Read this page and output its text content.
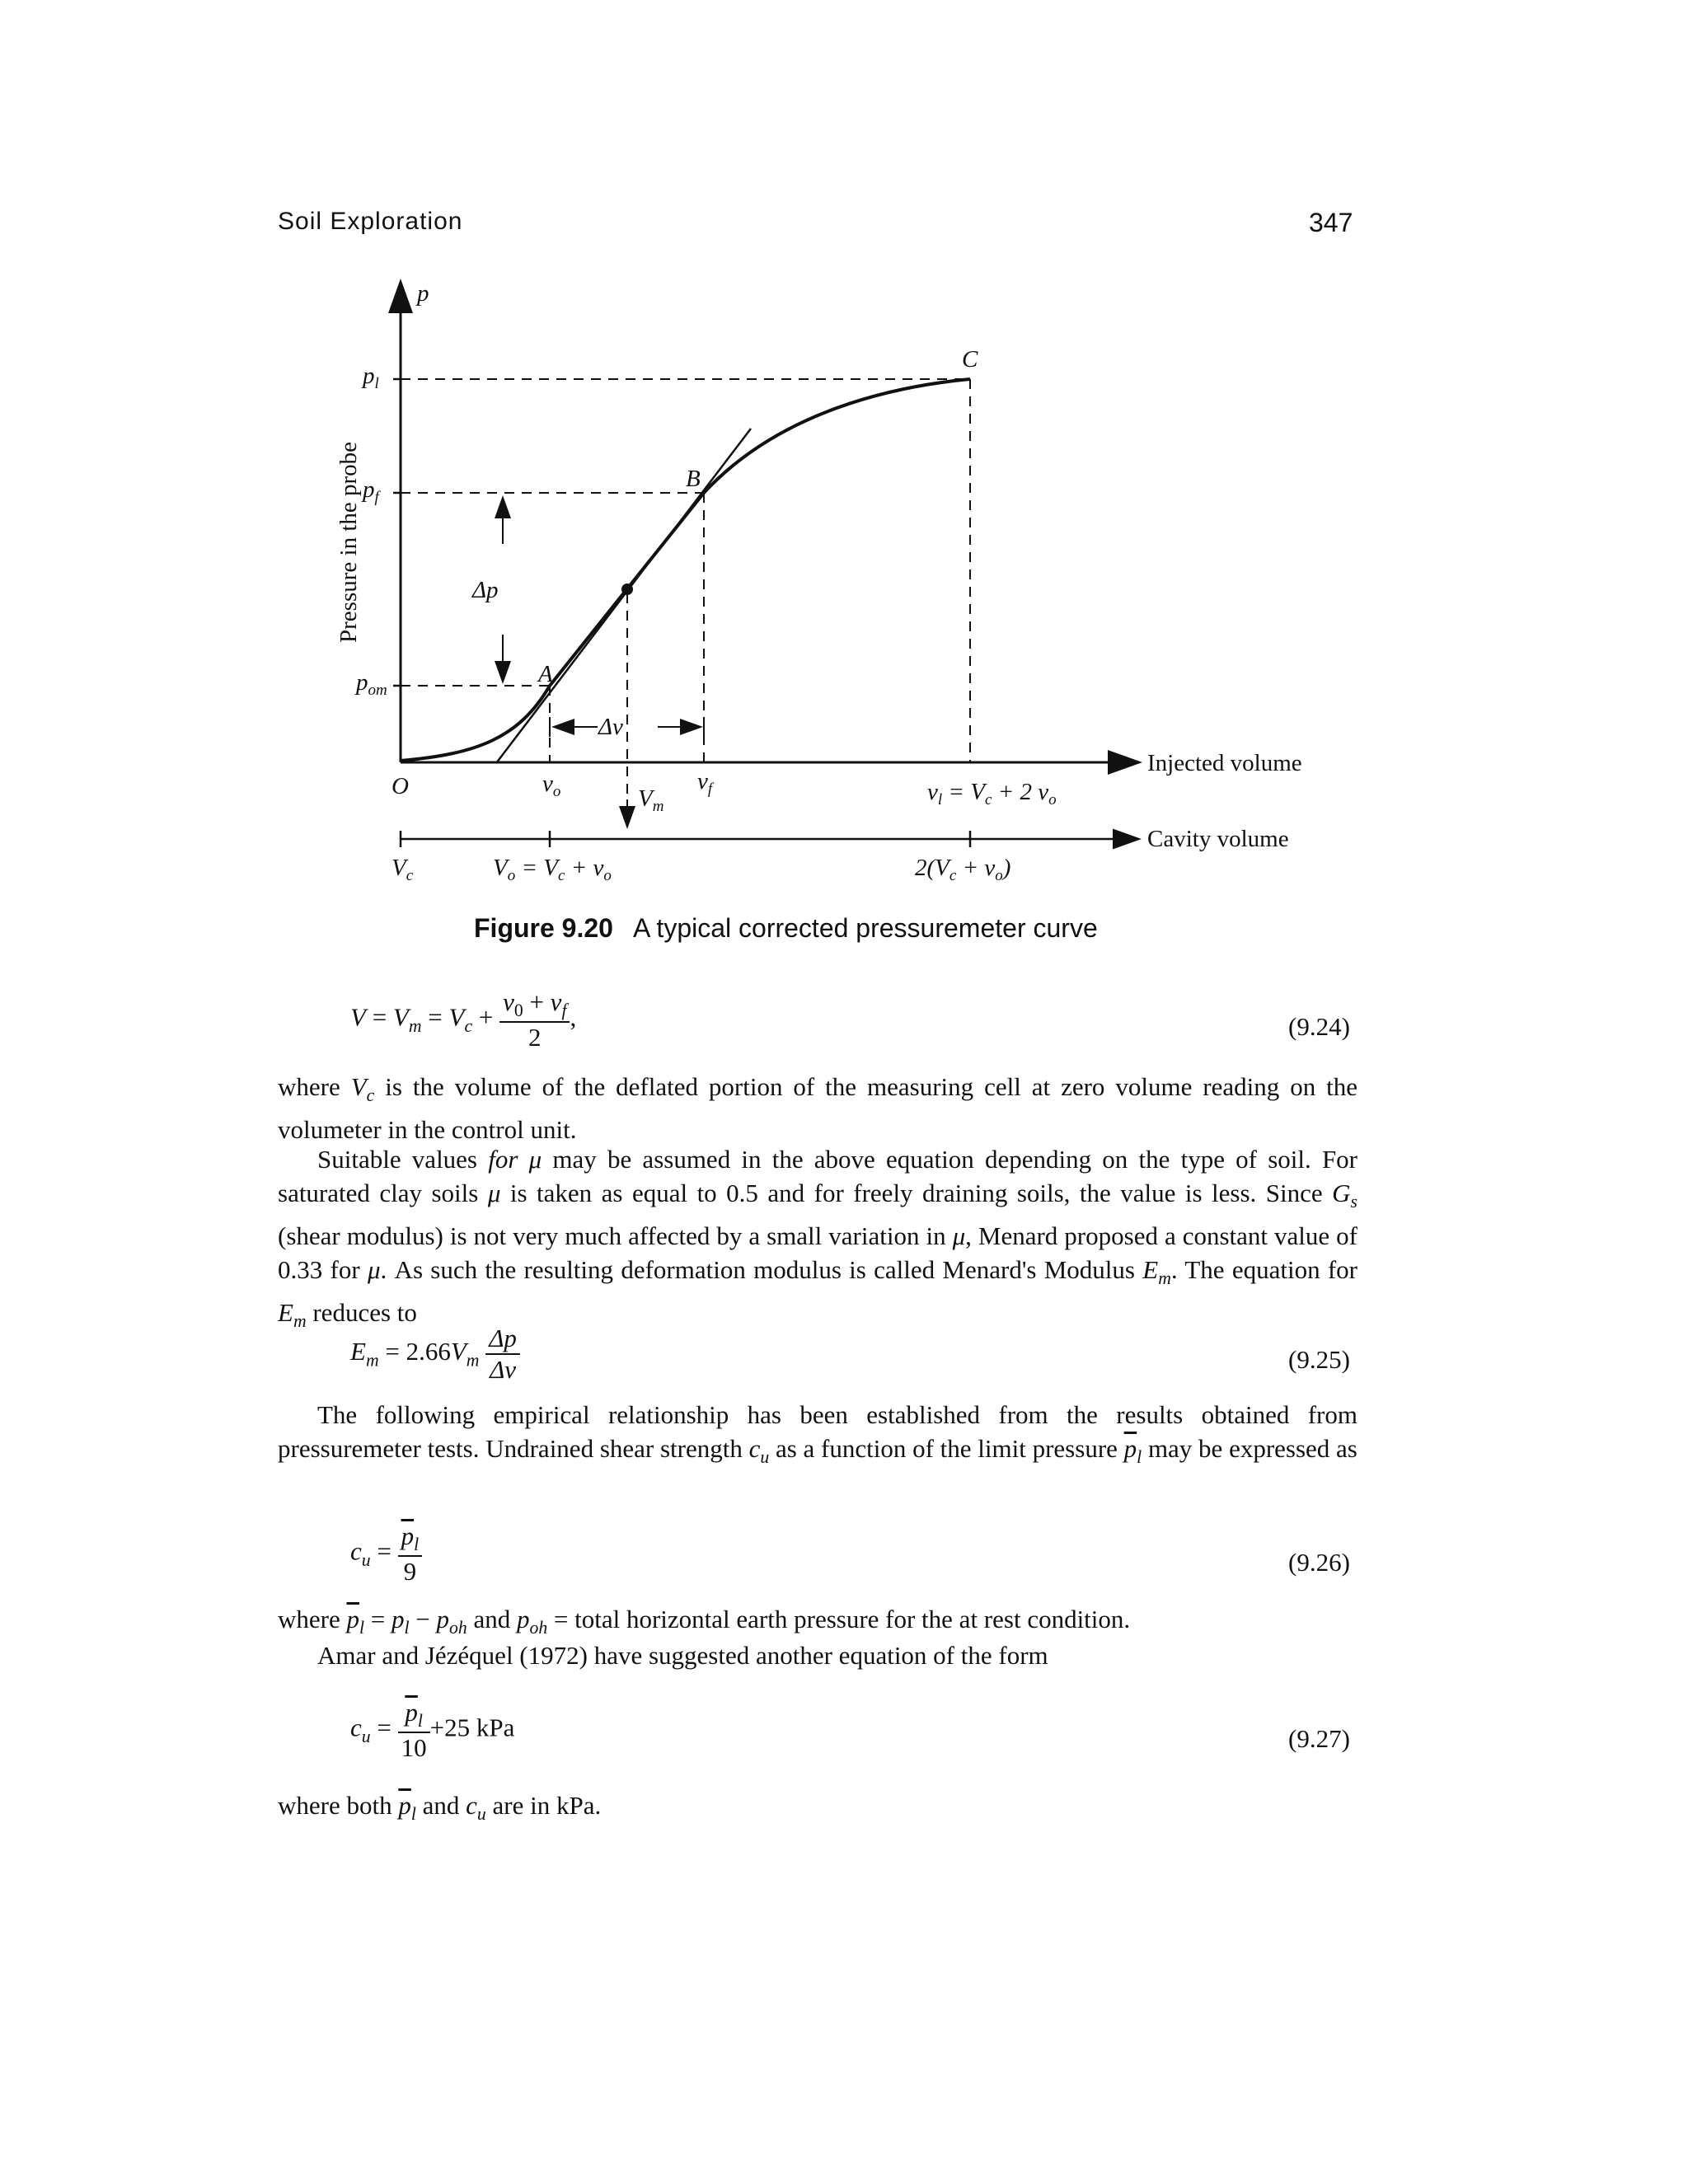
Soil Exploration	347
p
$p_l$
$p_f$
$p_{om}$
Δp
Δv
O
A
B
C
$v_o$	$v_f$
$V_m$
$v_l = V_c + 2$ $v_o$
Injected volume
Cavity volume
$V_c$	$V_o = V_c + v_o$	$2(V_c + v_o)$
Pressure in the probe
Figure 9.20 A typical corrected pressuremeter curve
$V = V_m = V_c + \frac{v_0 + v_f}{2}$ ,	(9.24)
where $V_c$ is the volume of the deflated portion of the measuring cell at zero volume reading on the volumeter in the control unit.
Suitable values for μ may be assumed in the above equation depending on the type of soil. For saturated clay soils μ is taken as equal to 0.5 and for freely draining soils, the value is less. Since $G_s$ (shear modulus) is not very much affected by a small variation in μ, Menard proposed a constant value of 0.33 for μ. As such the resulting deformation modulus is called Menard's Modulus $E_m$. The equation for $E_m$ reduces to
$E_m = 2.66V_m \frac{\Delta p}{\Delta v}$	(9.25)
The following empirical relationship has been established from the results obtained from pressuremeter tests. Undrained shear strength $c_u$ as a function of the limit pressure $\overline{p}_l$ may be expressed as
$c_u = \frac{\overline{p}_l}{9}$	(9.26)
where $\overline{p}_l = p_l - p_{oh}$ and $p_{oh}$ = total horizontal earth pressure for the at rest condition.
Amar and Jézéquel (1972) have suggested another equation of the form
$c_u = \frac{\overline{p}_l}{10} +25$ kPa	(9.27)
where both $\overline{p}_l$ and $c_u$ are in kPa.
